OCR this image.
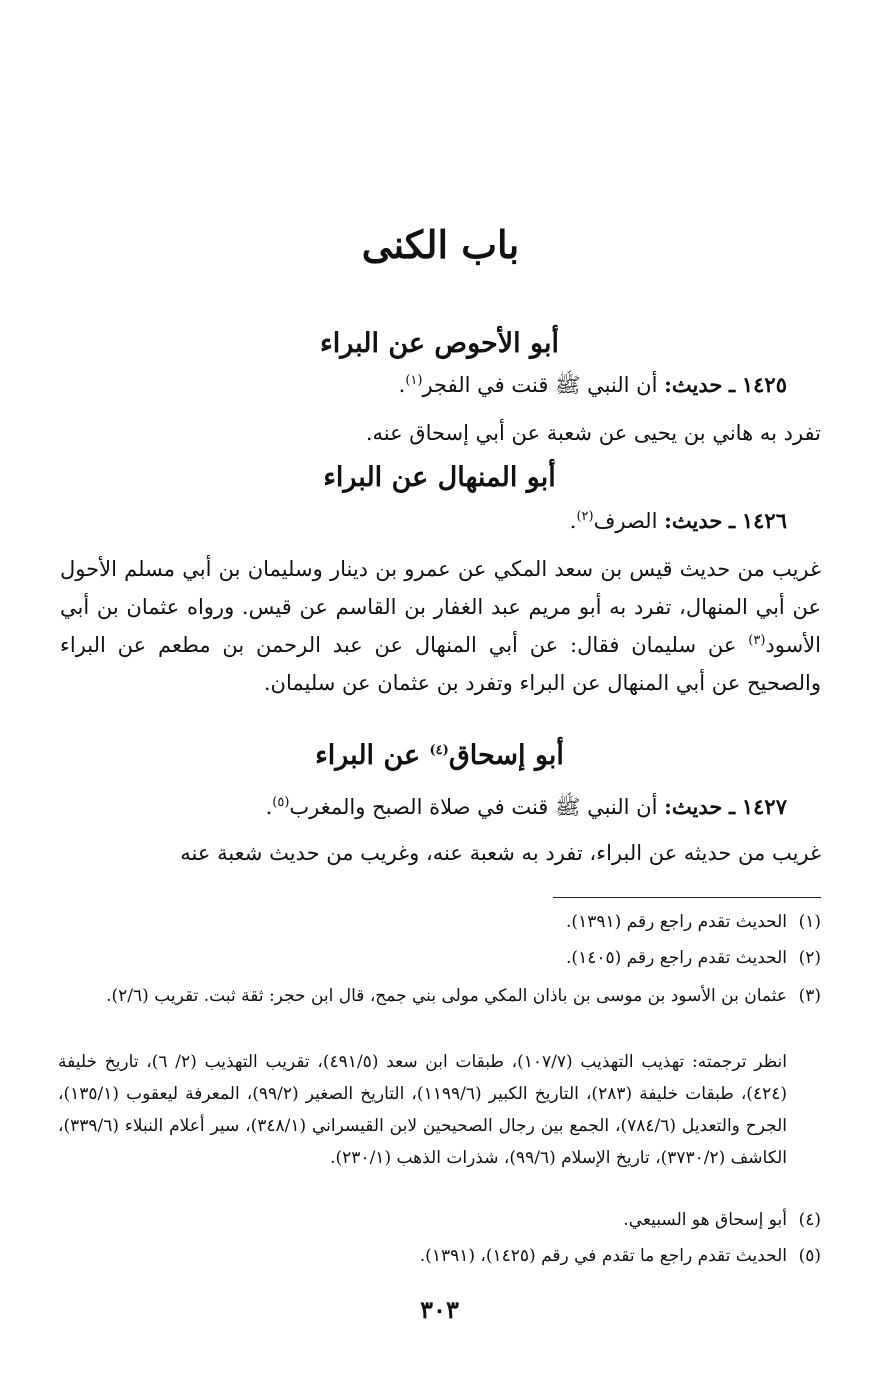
باب الكنى
أبو الأحوص عن البراء

١٤٢٥ ـ حديث: أن النبي ﷺ قنت في الفجر$^{(١)}$.

تفرد به هاني بن يحيى عن شعبة عن أبي إسحاق عنه.

أبو المنهال عن البراء

١٤٢٦ ـ حديث: الصرف$^{(٢)}$.

غريب من حديث قيس بن سعد المكي عن عمرو بن دينار وسليمان بن أبي مسلم الأحول عن أبي المنهال، تفرد به أبو مريم عبد الغفار بن القاسم عن قيس. ورواه عثمان بن أبي الأسود$^{(٣)}$ عن سليمان فقال: عن أبي المنهال عن عبد الرحمن بن مطعم عن البراء والصحيح عن أبي المنهال عن البراء وتفرد بن عثمان عن سليمان.

أبو إسحاق$^{(٤)}$ عن البراء

١٤٢٧ ـ حديث: أن النبي ﷺ قنت في صلاة الصبح والمغرب$^{(٥)}$.

غريب من حديثه عن البراء، تفرد به شعبة عنه، وغريب من حديث شعبة عنه

(١)الحديث تقدم راجع رقم (١٣٩١).
(٢)الحديث تقدم راجع رقم (١٤٠٥).
(٣)عثمان بن الأسود بن موسى بن باذان المكي مولى بني جمح، قال ابن حجر: ثقة ثبت. تقريب (٢/٦).
انظر ترجمته: تهذيب التهذيب (١٠٧/٧)، طبقات ابن سعد (٤٩١/٥)، تقريب التهذيب (٢/ ٦)، تاريخ خليفة (٤٢٤)، طبقات خليفة (٢٨٣)، التاريخ الكبير (١١٩٩/٦)، التاريخ الصغير (٩٩/٢)، المعرفة ليعقوب (١٣٥/١)، الجرح والتعديل (٧٨٤/٦)، الجمع بين رجال الصحيحين لابن القيسراني (٣٤٨/١)، سير أعلام النبلاء (٣٣٩/٦)، الكاشف (٣٧٣٠/٢)، تاريخ الإسلام (٩٩/٦)، شذرات الذهب (٢٣٠/١).
(٤)أبو إسحاق هو السبيعي.
(٥)الحديث تقدم راجع ما تقدم في رقم (١٤٢٥)، (١٣٩١).
٣٠٣
